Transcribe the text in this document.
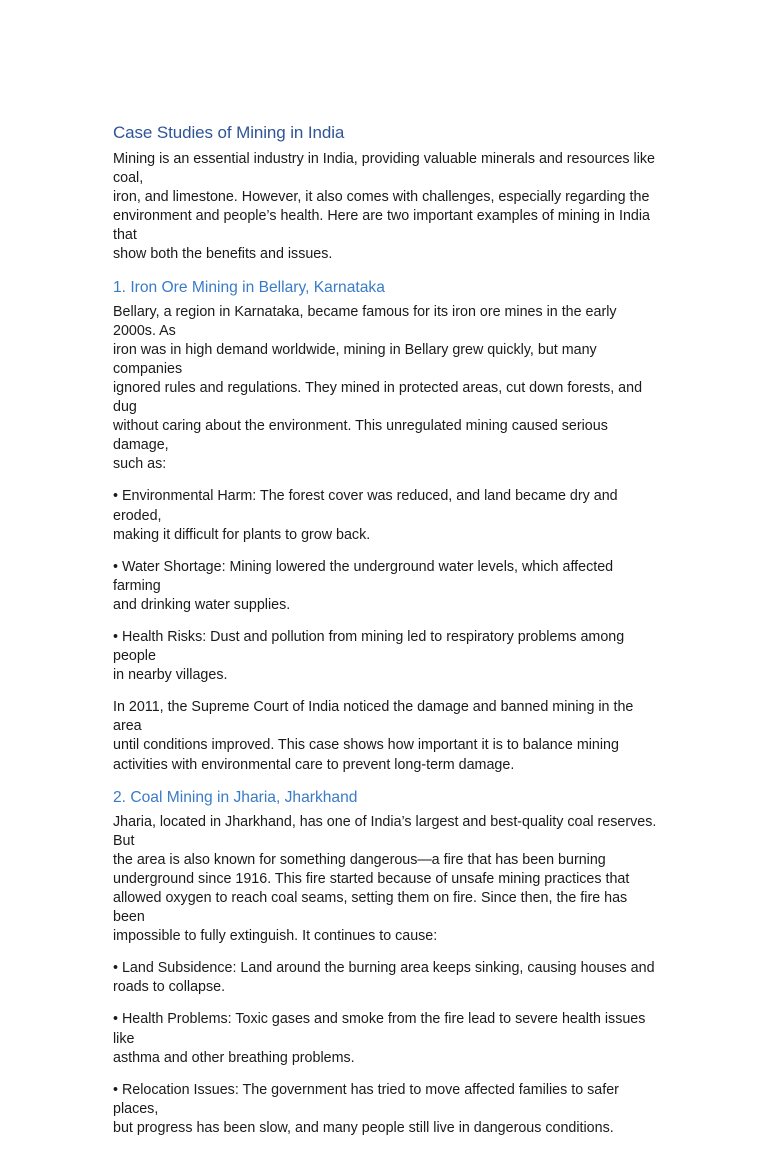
Case Studies of Mining in India

Mining is an essential industry in India, providing valuable minerals and resources like coal,
iron, and limestone. However, it also comes with challenges, especially regarding the
environment and people’s health. Here are two important examples of mining in India that
show both the benefits and issues.

1. Iron Ore Mining in Bellary, Karnataka

Bellary, a region in Karnataka, became famous for its iron ore mines in the early 2000s. As
iron was in high demand worldwide, mining in Bellary grew quickly, but many companies
ignored rules and regulations. They mined in protected areas, cut down forests, and dug
without caring about the environment. This unregulated mining caused serious damage,
such as:

• Environmental Harm: The forest cover was reduced, and land became dry and eroded,
making it difficult for plants to grow back.

• Water Shortage: Mining lowered the underground water levels, which affected farming
and drinking water supplies.

• Health Risks: Dust and pollution from mining led to respiratory problems among people
in nearby villages.

In 2011, the Supreme Court of India noticed the damage and banned mining in the area
until conditions improved. This case shows how important it is to balance mining
activities with environmental care to prevent long-term damage.

2. Coal Mining in Jharia, Jharkhand

Jharia, located in Jharkhand, has one of India’s largest and best-quality coal reserves. But
the area is also known for something dangerous—a fire that has been burning
underground since 1916. This fire started because of unsafe mining practices that
allowed oxygen to reach coal seams, setting them on fire. Since then, the fire has been
impossible to fully extinguish. It continues to cause:

• Land Subsidence: Land around the burning area keeps sinking, causing houses and
roads to collapse.

• Health Problems: Toxic gases and smoke from the fire lead to severe health issues like
asthma and other breathing problems.

• Relocation Issues: The government has tried to move affected families to safer places,
but progress has been slow, and many people still live in dangerous conditions.
